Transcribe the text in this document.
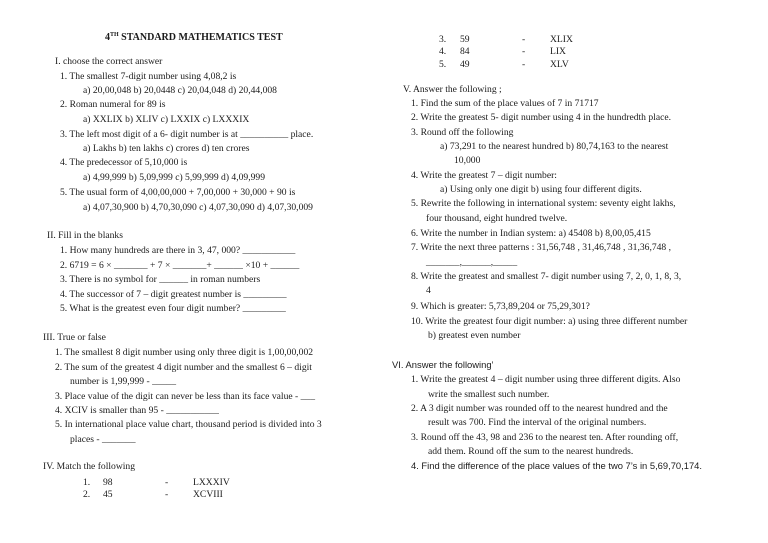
4TH STANDARD MATHEMATICS TEST
I. choose the correct answer
1. The smallest 7-digit number using 4,08,2 is
a) 20,00,048 b) 20,0448 c) 20,04,048 d) 20,44,008
2. Roman numeral for 89 is
a) XXLIX b) XLIV c) LXXIX c) LXXXIX
3. The left most digit of a 6- digit number is at __________ place.
a) Lakhs b) ten lakhs c) crores d) ten crores
4. The predecessor of 5,10,000 is
a) 4,99,999 b) 5,09,999 c) 5,99,999 d) 4,09,999
5. The usual form of 4,00,00,000 + 7,00,000 + 30,000 + 90 is
a) 4,07,30,900 b) 4,70,30,090 c) 4,07,30,090 d) 4,07,30,009
II. Fill in the blanks
1. How many hundreds are there in 3, 47, 000? ___________
2. 6719 = 6 × _______ + 7 × _______+ ______ ×10 + ______
3. There is no symbol for ______ in roman numbers
4. The successor of 7 – digit greatest number is _________
5. What is the greatest even four digit number? _________
III. True or false
1. The smallest 8 digit number using only three digit is 1,00,00,002
2. The sum of the greatest 4 digit number and the smallest 6 – digit
number is 1,99,999 - _____
3. Place value of the digit can never be less than its face value - ___
4. XCIV is smaller than 95 - ___________
5. In international place value chart, thousand period is divided into 3
places - _______
IV. Match the following
1. 98	-	LXXXIV
2. 45	-	XCVIII
3. 59	-	XLIX
4. 84	-	LIX
5. 49	-	XLV
V. Answer the following ;
1. Find the sum of the place values of 7 in 71717
2. Write the greatest 5- digit number using 4 in the hundredth place.
3. Round off the following
a) 73,291 to the nearest hundred b) 80,74,163 to the nearest
10,000
4. Write the greatest 7 – digit number:
a) Using only one digit b) using four different digits.
5. Rewrite the following in international system: seventy eight lakhs,
four thousand, eight hundred twelve.
6. Write the number in Indian system: a) 45408 b) 8,00,05,415
7. Write the next three patterns : 31,56,748 , 31,46,748 , 31,36,748 ,
_______,______,_____
8. Write the greatest and smallest 7- digit number using 7, 2, 0, 1, 8, 3,
4
9. Which is greater: 5,73,89,204 or 75,29,301?
10. Write the greatest four digit number: a) using three different number
b) greatest even number
VI. Answer the following’
1. Write the greatest 4 – digit number using three different digits. Also
write the smallest such number.
2. A 3 digit number was rounded off to the nearest hundred and the
result was 700. Find the interval of the original numbers.
3. Round off the 43, 98 and 236 to the nearest ten. After rounding off,
add them. Round off the sum to the nearest hundreds.
4. Find the difference of the place values of the two 7’s in 5,69,70,174.
